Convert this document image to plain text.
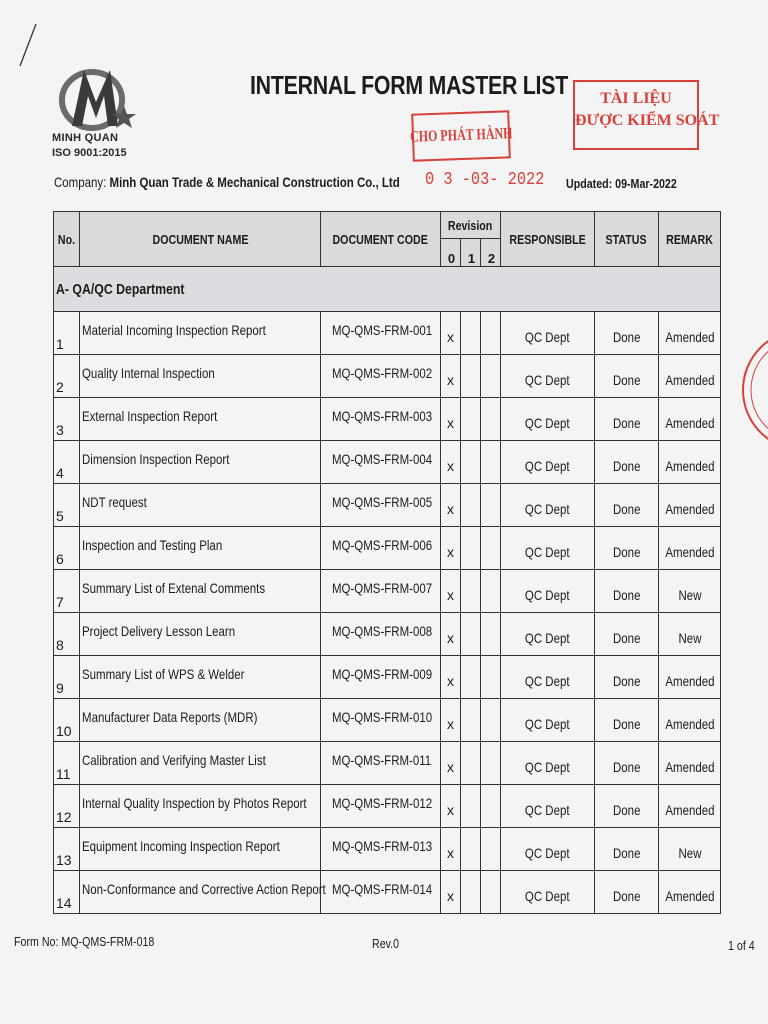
MINH QUAN
ISO 9001:2015
INTERNAL FORM MASTER LIST
CHO PHÁT HÀNH
TÀI LIỆU
ĐƯỢC KIỂM SOÁT
Company: Minh Quan Trade & Mechanical Construction Co., Ltd 0 3 -03- 2022 Updated: 09-Mar-2022
No.	DOCUMENT NAME	DOCUMENT CODE	Revision			RESPONSIBLE	STATUS	REMARK
			0	1	2			
A- QA/QC Department								
1	Material Incoming Inspection Report	MQ-QMS-FRM-001	x			QC Dept	Done	Amended
2	Quality Internal Inspection	MQ-QMS-FRM-002	x			QC Dept	Done	Amended
3	External Inspection Report	MQ-QMS-FRM-003	x			QC Dept	Done	Amended
4	Dimension Inspection Report	MQ-QMS-FRM-004	x			QC Dept	Done	Amended
5	NDT request	MQ-QMS-FRM-005	x			QC Dept	Done	Amended
6	Inspection and Testing Plan	MQ-QMS-FRM-006	x			QC Dept	Done	Amended
7	Summary List of Extenal Comments	MQ-QMS-FRM-007	x			QC Dept	Done	New
8	Project Delivery Lesson Learn	MQ-QMS-FRM-008	x			QC Dept	Done	New
9	Summary List of WPS & Welder	MQ-QMS-FRM-009	x			QC Dept	Done	Amended
10	Manufacturer Data Reports (MDR)	MQ-QMS-FRM-010	x			QC Dept	Done	Amended
11	Calibration and Verifying Master List	MQ-QMS-FRM-011	x			QC Dept	Done	Amended
12	Internal Quality Inspection by Photos Report	MQ-QMS-FRM-012	x			QC Dept	Done	Amended
13	Equipment Incoming Inspection Report	MQ-QMS-FRM-013	x			QC Dept	Done	New
14	Non-Conformance and Corrective Action Report	MQ-QMS-FRM-014	x			QC Dept	Done	Amended
Form No: MQ-QMS-FRM-018	Rev.0	1 of 4
